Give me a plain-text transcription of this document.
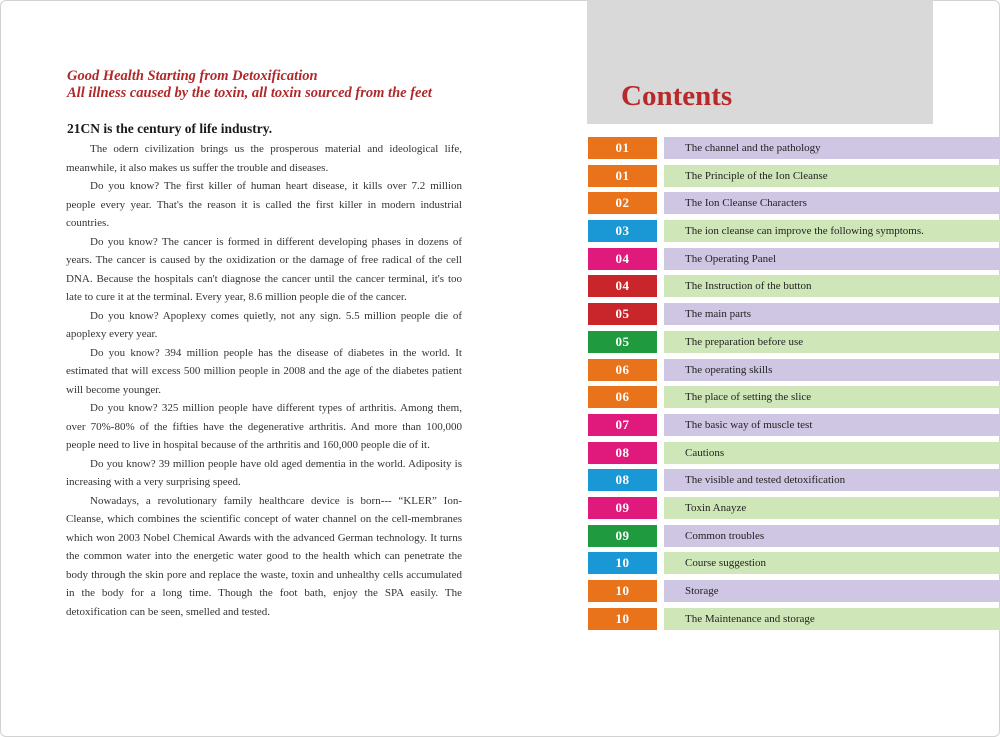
Good Health Starting from Detoxification
All illness caused by the toxin, all toxin sourced from the feet
21CN is the century of life industry.

The odern civilization brings us the prosperous material and ideological life, meanwhile, it also makes us suffer the trouble and diseases.

Do you know? The first killer of human heart disease, it kills over 7.2 million people every year. That's the reason it is called the first killer in modern industrial countries.

Do you know? The cancer is formed in different developing phases in dozens of years. The cancer is caused by the oxidization or the damage of free radical of the cell DNA. Because the hospitals can't diagnose the cancer until the cancer terminal, it's too late to cure it at the terminal. Every year, 8.6 million people die of the cancer.

Do you know? Apoplexy comes quietly, not any sign. 5.5 million people die of apoplexy every year.

Do you know? 394 million people has the disease of diabetes in the world. It estimated that will excess 500 million people in 2008 and the age of the diabetes patient will become younger.

Do you know? 325 million people have different types of arthritis. Among them, over 70%-80% of the fifties have the degenerative arthritis. And more than 100,000 people need to live in hospital because of the arthritis and 160,000 people die of it.

Do you know? 39 million people have old aged dementia in the world. Adiposity is increasing with a very surprising speed.

Nowadays, a revolutionary family healthcare device is born--- “KLER” Ion-Cleanse, which combines the scientific concept of water channel on the cell-membranes which won 2003 Nobel Chemical Awards with the advanced German technology. It turns the common water into the energetic water good to the health which can penetrate the body through the skin pore and replace the waste, toxin and unhealthy cells accumulated in the body for a long time. Though the foot bath, enjoy the SPA easily. The detoxification can be seen, smelled and tested.

Contents
01	The channel and the pathology
01	The Principle of the Ion Cleanse
02	The Ion Cleanse Characters
03	The ion cleanse can improve the following symptoms.
04	The Operating Panel
04	The Instruction of the button
05	The main parts
05	The preparation before use
06	The operating skills
06	The place of setting the slice
07	The basic way of muscle test
08	Cautions
08	The visible and tested detoxification
09	Toxin Anayze
09	Common troubles
10	Course suggestion
10	Storage
10	The Maintenance and storage
